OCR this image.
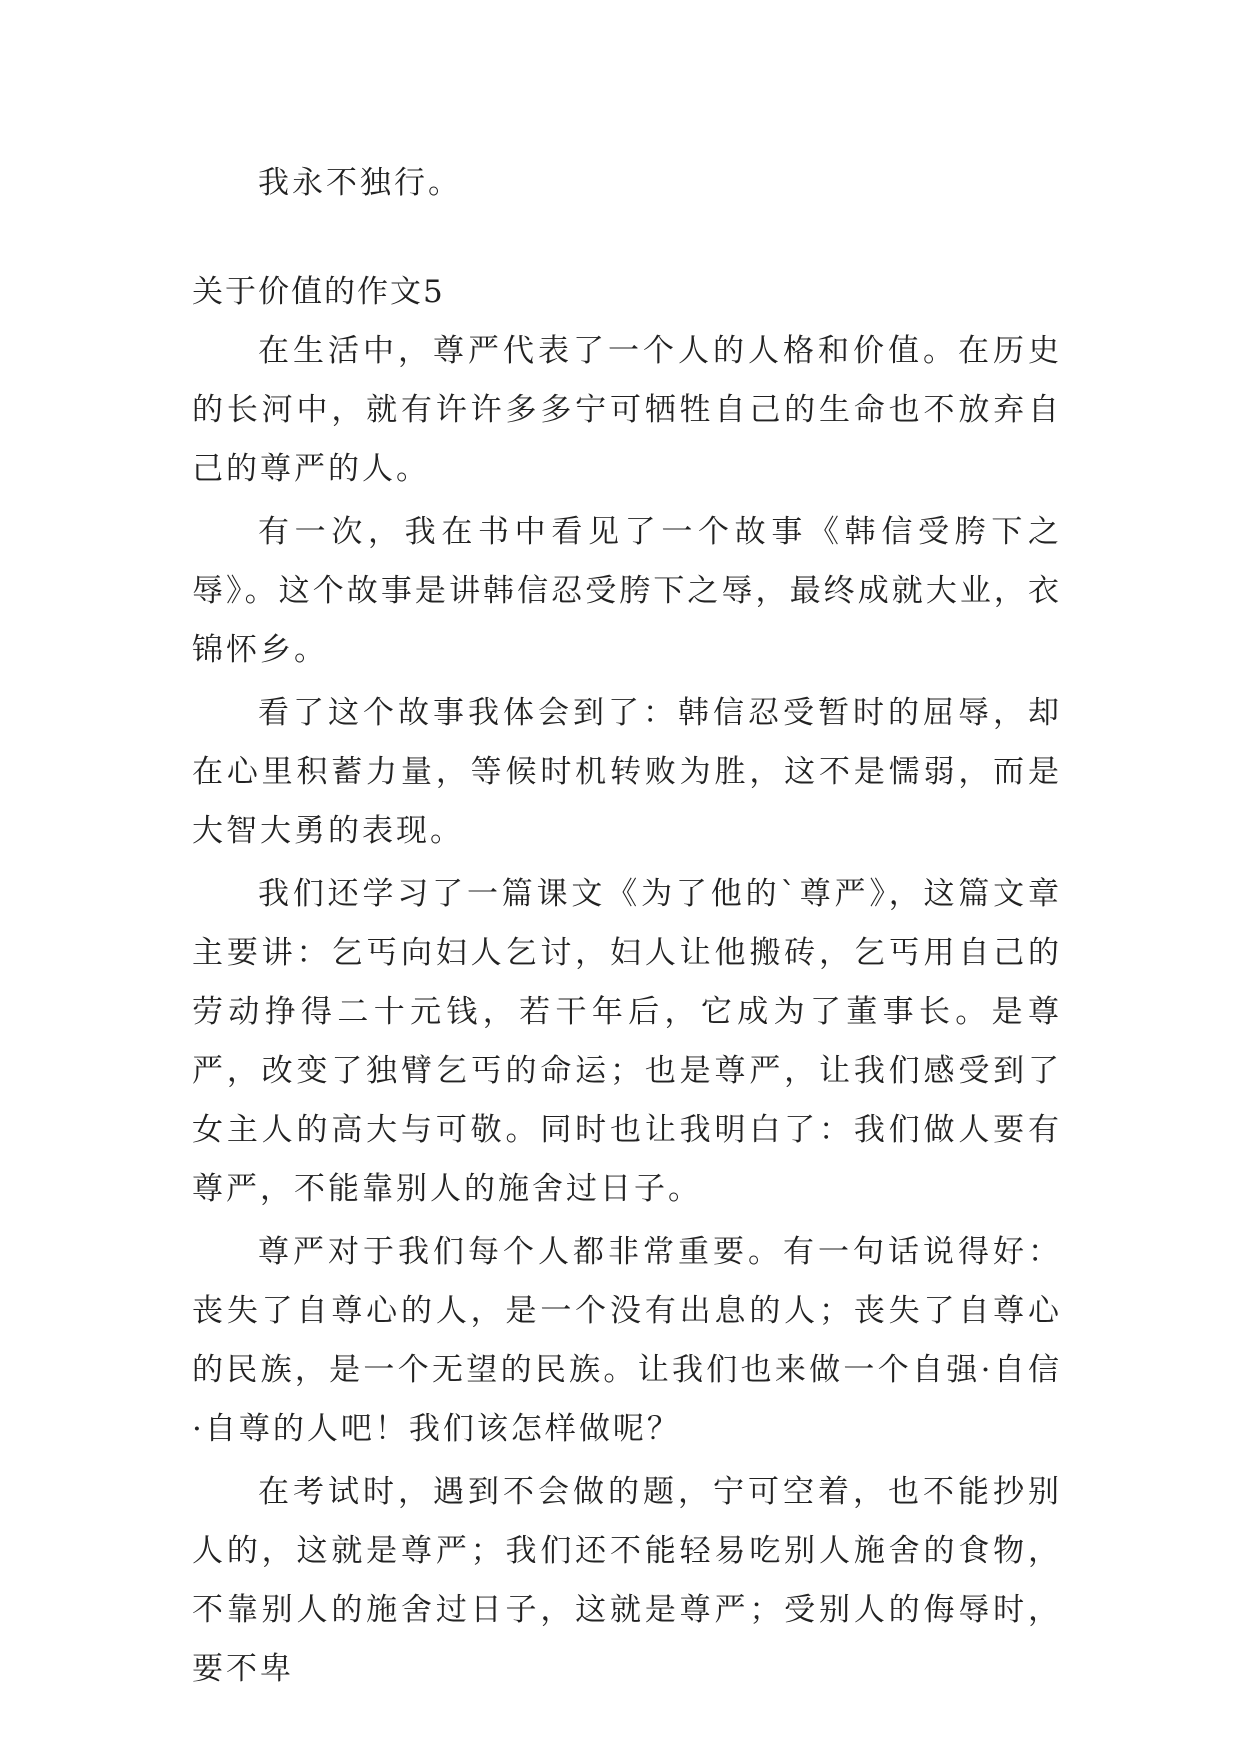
我永不独行。

关于价值的作文5

在生活中，尊严代表了一个人的人格和价值。在历史的长河中，就有许许多多宁可牺牲自己的生命也不放弃自己的尊严的人。

有一次，我在书中看见了一个故事《韩信受胯下之辱》。这个故事是讲韩信忍受胯下之辱，最终成就大业，衣锦怀乡。

看了这个故事我体会到了：韩信忍受暂时的屈辱，却在心里积蓄力量，等候时机转败为胜，这不是懦弱，而是大智大勇的表现。

我们还学习了一篇课文《为了他的`尊严》，这篇文章主要讲：乞丐向妇人乞讨，妇人让他搬砖，乞丐用自己的劳动挣得二十元钱，若干年后，它成为了董事长。是尊严，改变了独臂乞丐的命运；也是尊严，让我们感受到了女主人的高大与可敬。同时也让我明白了：我们做人要有尊严，不能靠别人的施舍过日子。

尊严对于我们每个人都非常重要。有一句话说得好：丧失了自尊心的人，是一个没有出息的人；丧失了自尊心的民族，是一个无望的民族。让我们也来做一个自强·自信·自尊的人吧！我们该怎样做呢？

在考试时，遇到不会做的题，宁可空着，也不能抄别人的，这就是尊严；我们还不能轻易吃别人施舍的食物，不靠别人的施舍过日子，这就是尊严；受别人的侮辱时，要不卑
